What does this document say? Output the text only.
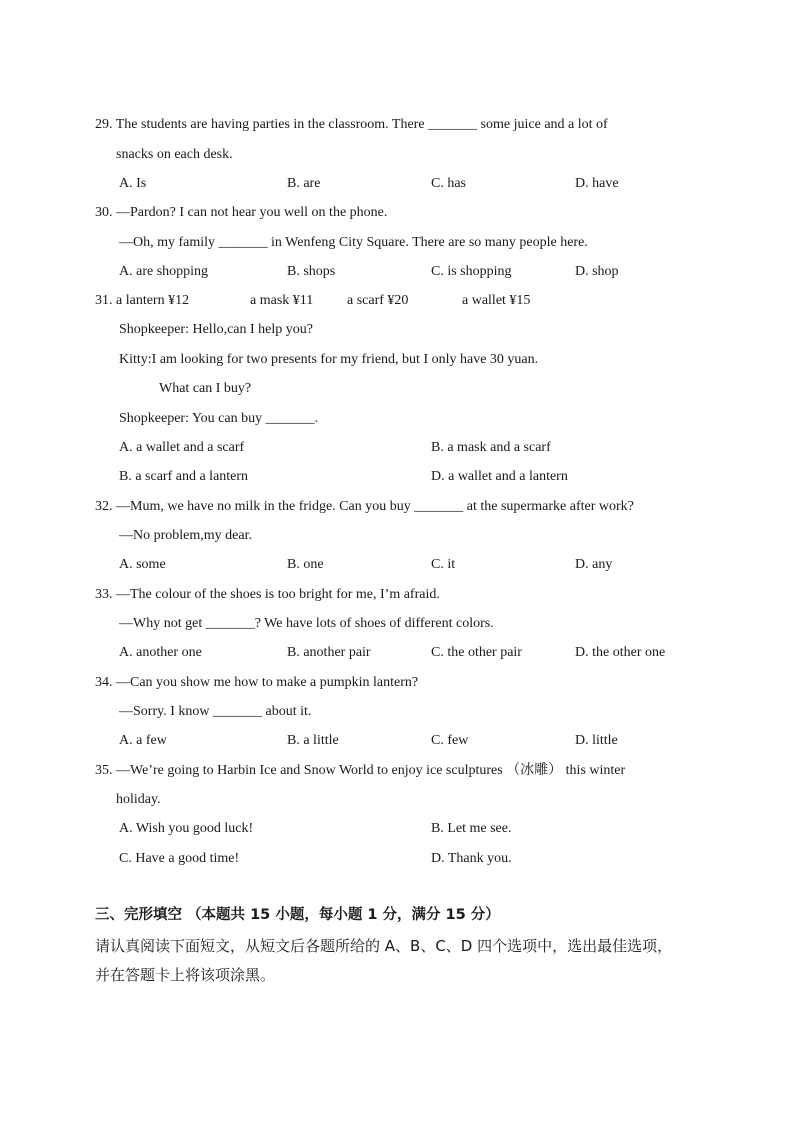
29. The students are having parties in the classroom. There _______ some juice and a lot of
snacks on each desk.
A. Is	B. are	C. has	D. have
30. —Pardon? I can not hear you well on the phone.
—Oh, my family _______ in Wenfeng City Square. There are so many people here.
A. are shopping	B. shops	C. is shopping	D. shop
31. a lantern ¥12	a mask ¥11 a scarf ¥20	a wallet ¥15
Shopkeeper: Hello,can I help you?
Kitty:I am looking for two presents for my friend, but I only have 30 yuan.
What can I buy?
Shopkeeper: You can buy _______.
A. a wallet and a scarf	B. a mask and a scarf
B. a scarf and a lantern	D. a wallet and a lantern
32. —Mum, we have no milk in the fridge. Can you buy _______ at the supermarke after work?
—No problem,my dear.
A. some	B. one	C. it	D. any
33. —The colour of the shoes is too bright for me, I’m afraid.
—Why not get _______? We have lots of shoes of different colors.
A. another one	B. another pair	C. the other pair	D. the other one
34. —Can you show me how to make a pumpkin lantern?
—Sorry. I know _______ about it.
A. a few	B. a little	C. few	D. little
35. —We’re going to Harbin Ice and Snow World to enjoy ice sculptures （冰雕） this winter
holiday.
A. Wish you good luck!	B. Let me see.
C. Have a good time!	D. Thank you.
三、完形填空 （本题共 15 小题，每小题 1 分，满分 15 分）
请认真阅读下面短文，从短文后各题所给的 A、B、C、D 四个选项中，选出最佳选项，
并在答题卡上将该项涂黑。
